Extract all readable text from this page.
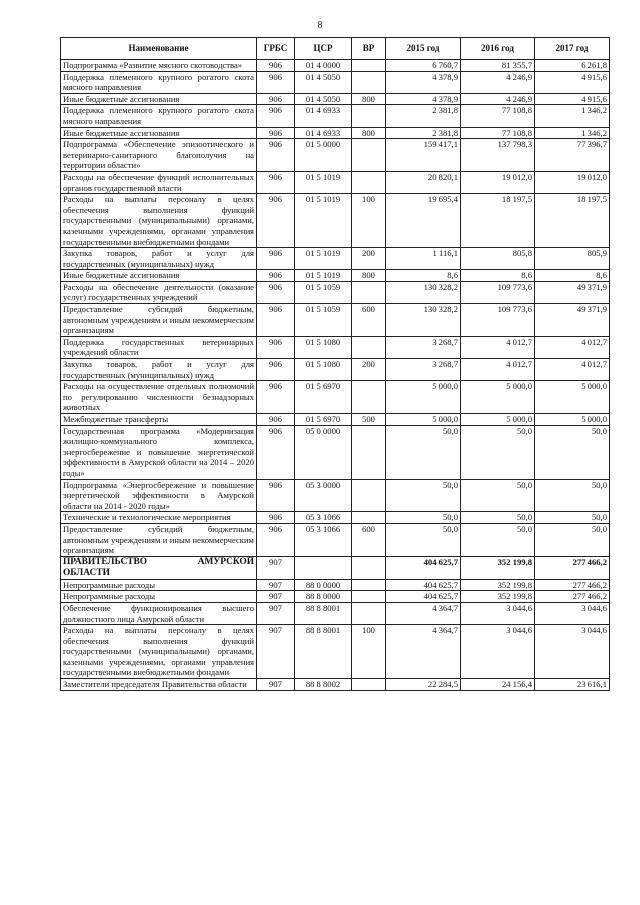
8
Наименование	ГРБС	ЦСР	ВР	2015 год	2016 год	2017 год
Подпрограмма «Развитие мясного скотоводства»	906	01 4 0000		6 760,7	81 355,7	6 261,8
Поддержка племенного крупного рогатого скота мясного направления	906	01 4 5050		4 378,9	4 246,9	4 915,6
Иные бюджетные ассигнования	906	01 4 5050	800	4 378,9	4 246,9	4 915,6
Поддержка племенного крупного рогатого скота мясного направления	906	01 4 6933		2 381,8	77 108,8	1 346,2
Иные бюджетные ассигнования	906	01 4 6933	800	2 381,8	77 108,8	1 346,2
Подпрограмма «Обеспечение эпизоотического и ветеринарно-санитарного благополучия на территории области»	906	01 5 0000		159 417,1	137 798,3	77 396,7
Расходы на обеспечение функций исполнительных органов государственной власти	906	01 5 1019		20 820,1	19 012,0	19 012,0
Расходы на выплаты персоналу в целях обеспечения выполнения функций государственными (муниципальными) органами, казенными учреждениями, органами управления государственными внебюджетными фондами	906	01 5 1019	100	19 695,4	18 197,5	18 197,5
Закупка товаров, работ и услуг для государственных (муниципальных) нужд	906	01 5 1019	200	1 116,1	805,8	805,9
Иные бюджетные ассигнования	906	01 5 1019	800	8,6	8,6	8,6
Расходы на обеспечение деятельности (оказание услуг) государственных учреждений	906	01 5 1059		130 328,2	109 773,6	49 371,9
Предоставление субсидий бюджетным, автономным учреждениям и иным некоммерческим организациям	906	01 5 1059	600	130 328,2	109 773,6	49 371,9
Поддержка государственных ветеринарных учреждений области	906	01 5 1080		3 268,7	4 012,7	4 012,7
Закупка товаров, работ и услуг для государственных (муниципальных) нужд	906	01 5 1080	200	3 268,7	4 012,7	4 012,7
Расходы на осуществление отдельных полномочий по регулированию численности безнадзорных животных	906	01 5 6970		5 000,0	5 000,0	5 000,0
Межбюджетные трансферты	906	01 5 6970	500	5 000,0	5 000,0	5 000,0
Государственная программа «Модернизация жилищно-коммунального комплекса, энергосбережение и повышение энергетической эффективности в Амурской области на 2014 – 2020 годы»	906	05 0 0000		50,0	50,0	50,0
Подпрограмма «Энергосбережение и повышение энергетической эффективности в Амурской области на 2014 - 2020 годы»	906	05 3 0000		50,0	50,0	50,0
Технические и технологические мероприятия	906	05 3 1066		50,0	50,0	50,0
Предоставление субсидий бюджетным, автономным учреждениям и иным некоммерческим организациям	906	05 3 1066	600	50,0	50,0	50,0
ПРАВИТЕЛЬСТВО АМУРСКОЙ ОБЛАСТИ	907			404 625,7	352 199,8	277 466,2
Непрограммные расходы	907	88 0 0000		404 625,7	352 199,8	277 466,2
Непрограммные расходы	907	88 8 0000		404 625,7	352 199,8	277 466,2
Обеспечение функционирования высшего должностного лица Амурской области	907	88 8 8001		4 364,7	3 044,6	3 044,6
Расходы на выплаты персоналу в целях обеспечения выполнения функций государственными (муниципальными) органами, казенными учреждениями, органами управления государственными внебюджетными фондами	907	88 8 8001	100	4 364,7	3 044,6	3 044,6
Заместители председателя Правительства области	907	88 8 8002		22 284,5	24 156,4	23 616,1
